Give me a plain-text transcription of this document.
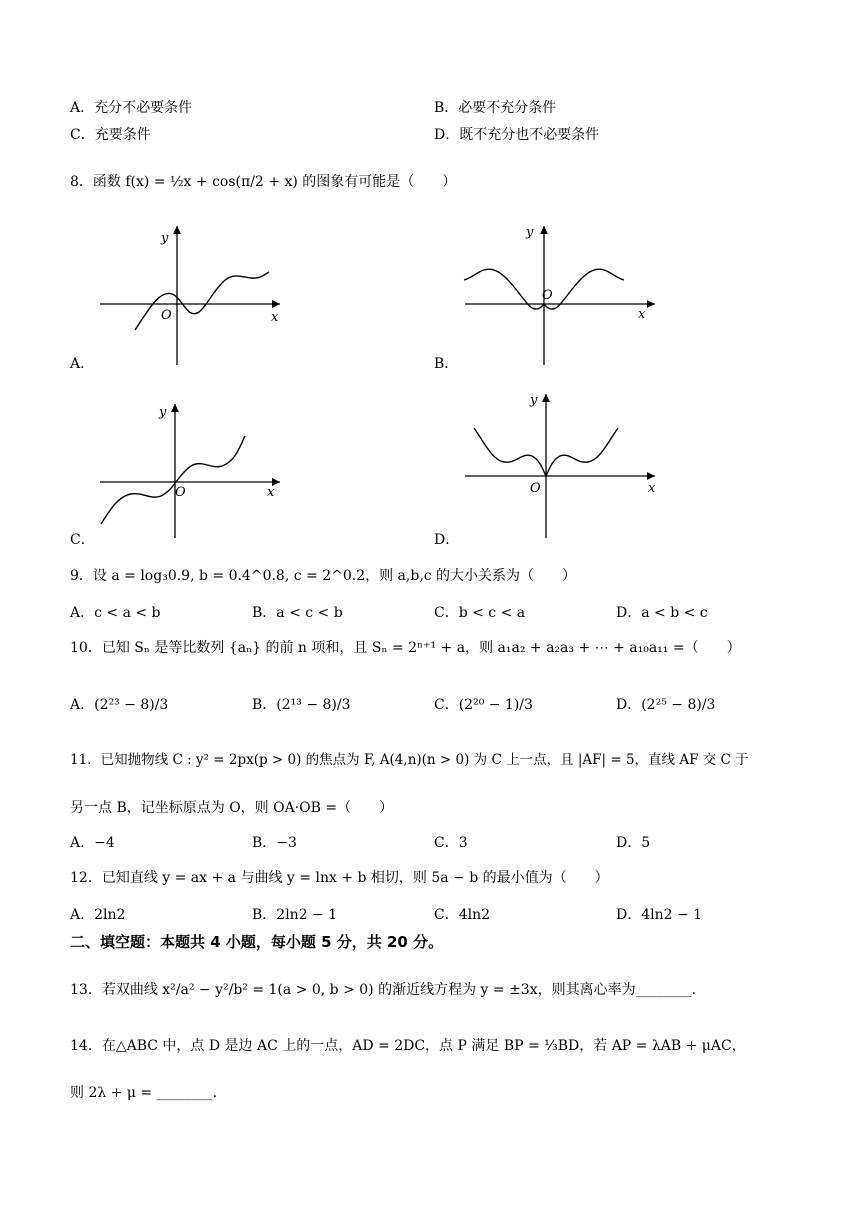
A．充分不必要条件	B．必要不充分条件
C．充要条件	D．既不充分也不必要条件
8．函数 f(x) = ½x + cos(π/2 + x) 的图象有可能是（　　）
y
x
O
A．
y
x
O
B．
y
x
O
C．
y
x
O
D．
9．设 a = log₃0.9, b = 0.4^0.8, c = 2^0.2，则 a,b,c 的大小关系为（　　）
A．c < a < b	B．a < c < b	C．b < c < a	D．a < b < c
10．已知 Sₙ 是等比数列 {aₙ} 的前 n 项和，且 Sₙ = 2ⁿ⁺¹ + a，则 a₁a₂ + a₂a₃ + ⋯ + a₁₀a₁₁ =（　　）
A．(2²³ − 8)/3	B．(2¹³ − 8)/3	C．(2²⁰ − 1)/3	D．(2²⁵ − 8)/3
11．已知抛物线 C : y² = 2px(p > 0) 的焦点为 F, A(4,n)(n > 0) 为 C 上一点，且 |AF| = 5，直线 AF 交 C 于
另一点 B，记坐标原点为 O，则 OA·OB =（　　）
A．−4	B．−3	C．3	D．5
12．已知直线 y = ax + a 与曲线 y = lnx + b 相切，则 5a − b 的最小值为（　　）
A．2ln2	B．2ln2 − 1	C．4ln2	D．4ln2 − 1
二、填空题：本题共 4 小题，每小题 5 分，共 20 分。
13．若双曲线 x²/a² − y²/b² = 1(a > 0, b > 0) 的渐近线方程为 y = ±3x，则其离心率为________.
14．在△ABC 中，点 D 是边 AC 上的一点，AD = 2DC，点 P 满足 BP = ⅓BD，若 AP = λAB + μAC，
则 2λ + μ = ________.
